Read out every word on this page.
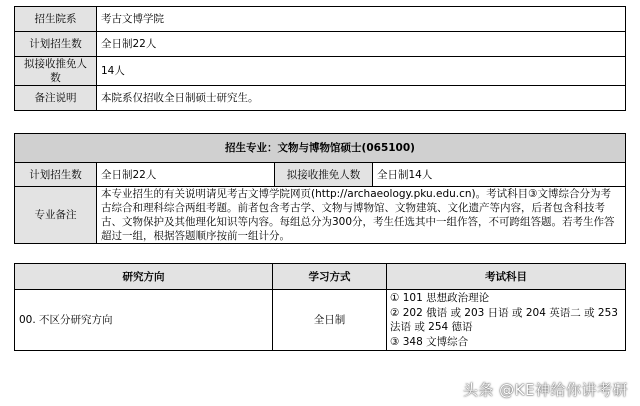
招生院系	考古文博学院
计划招生数	全日制22人
拟接收推免人数	14人
备注说明	本院系仅招收全日制硕士研究生。
招生专业：文物与博物馆硕士(065100)			
计划招生数	全日制22人	拟接收推免人数	全日制14人
专业备注	本专业招生的有关说明请见考古文博学院网页(http://archaeology.pku.edu.cn)。考试科目③文博综合分为考古综合和理科综合两组考题。前者包含考古学、文物与博物馆、文物建筑、文化遗产等内容，后者包含科技考古、文物保护及其他理化知识等内容。每组总分为300分，考生任选其中一组作答，不可跨组答题。若考生作答超过一组，根据答题顺序按前一组计分。		
研究方向	学习方式	考试科目
00. 不区分研究方向	全日制	① 101 思想政治理论
② 202 俄语 或 203 日语 或 204 英语二 或 253 法语 或 254 德语
③ 348 文博综合
头条 @KE神给你讲考研
